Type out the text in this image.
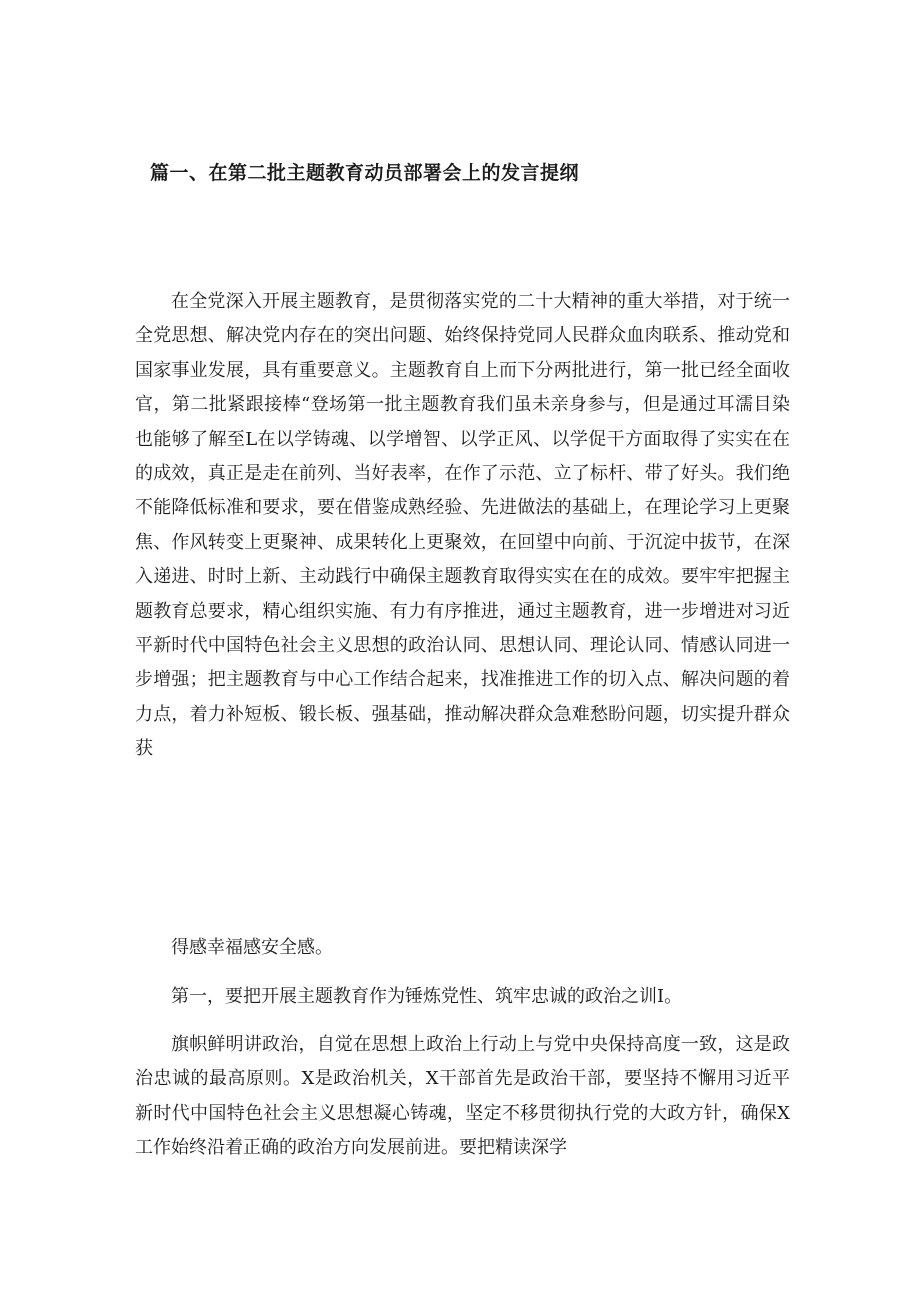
篇一、在第二批主题教育动员部署会上的发言提纲

在全党深入开展主题教育，是贯彻落实党的二十大精神的重大举措，对于统一全党思想、解决党内存在的突出问题、始终保持党同人民群众血肉联系、推动党和国家事业发展，具有重要意义。主题教育自上而下分两批进行，第一批已经全面收官，第二批紧跟接棒“登场第一批主题教育我们虽未亲身参与，但是通过耳濡目染也能够了解至L在以学铸魂、以学增智、以学正风、以学促干方面取得了实实在在的成效，真正是走在前列、当好表率，在作了示范、立了标杆、带了好头。我们绝不能降低标准和要求，要在借鉴成熟经验、先进做法的基础上，在理论学习上更聚焦、作风转变上更聚神、成果转化上更聚效，在回望中向前、于沉淀中拔节，在深入递进、时时上新、主动践行中确保主题教育取得实实在在的成效。要牢牢把握主题教育总要求，精心组织实施、有力有序推进，通过主题教育，进一步增进对习近平新时代中国特色社会主义思想的政治认同、思想认同、理论认同、情感认同进一步增强；把主题教育与中心工作结合起来，找准推进工作的切入点、解决问题的着力点，着力补短板、锻长板、强基础，推动解决群众急难愁盼问题，切实提升群众获

得感幸福感安全感。

第一，要把开展主题教育作为锤炼党性、筑牢忠诚的政治之训I。

旗帜鲜明讲政治，自觉在思想上政治上行动上与党中央保持高度一致，这是政治忠诚的最高原则。X是政治机关，X干部首先是政治干部，要坚持不懈用习近平新时代中国特色社会主义思想凝心铸魂，坚定不移贯彻执行党的大政方针，确保X工作始终沿着正确的政治方向发展前进。要把精读深学
